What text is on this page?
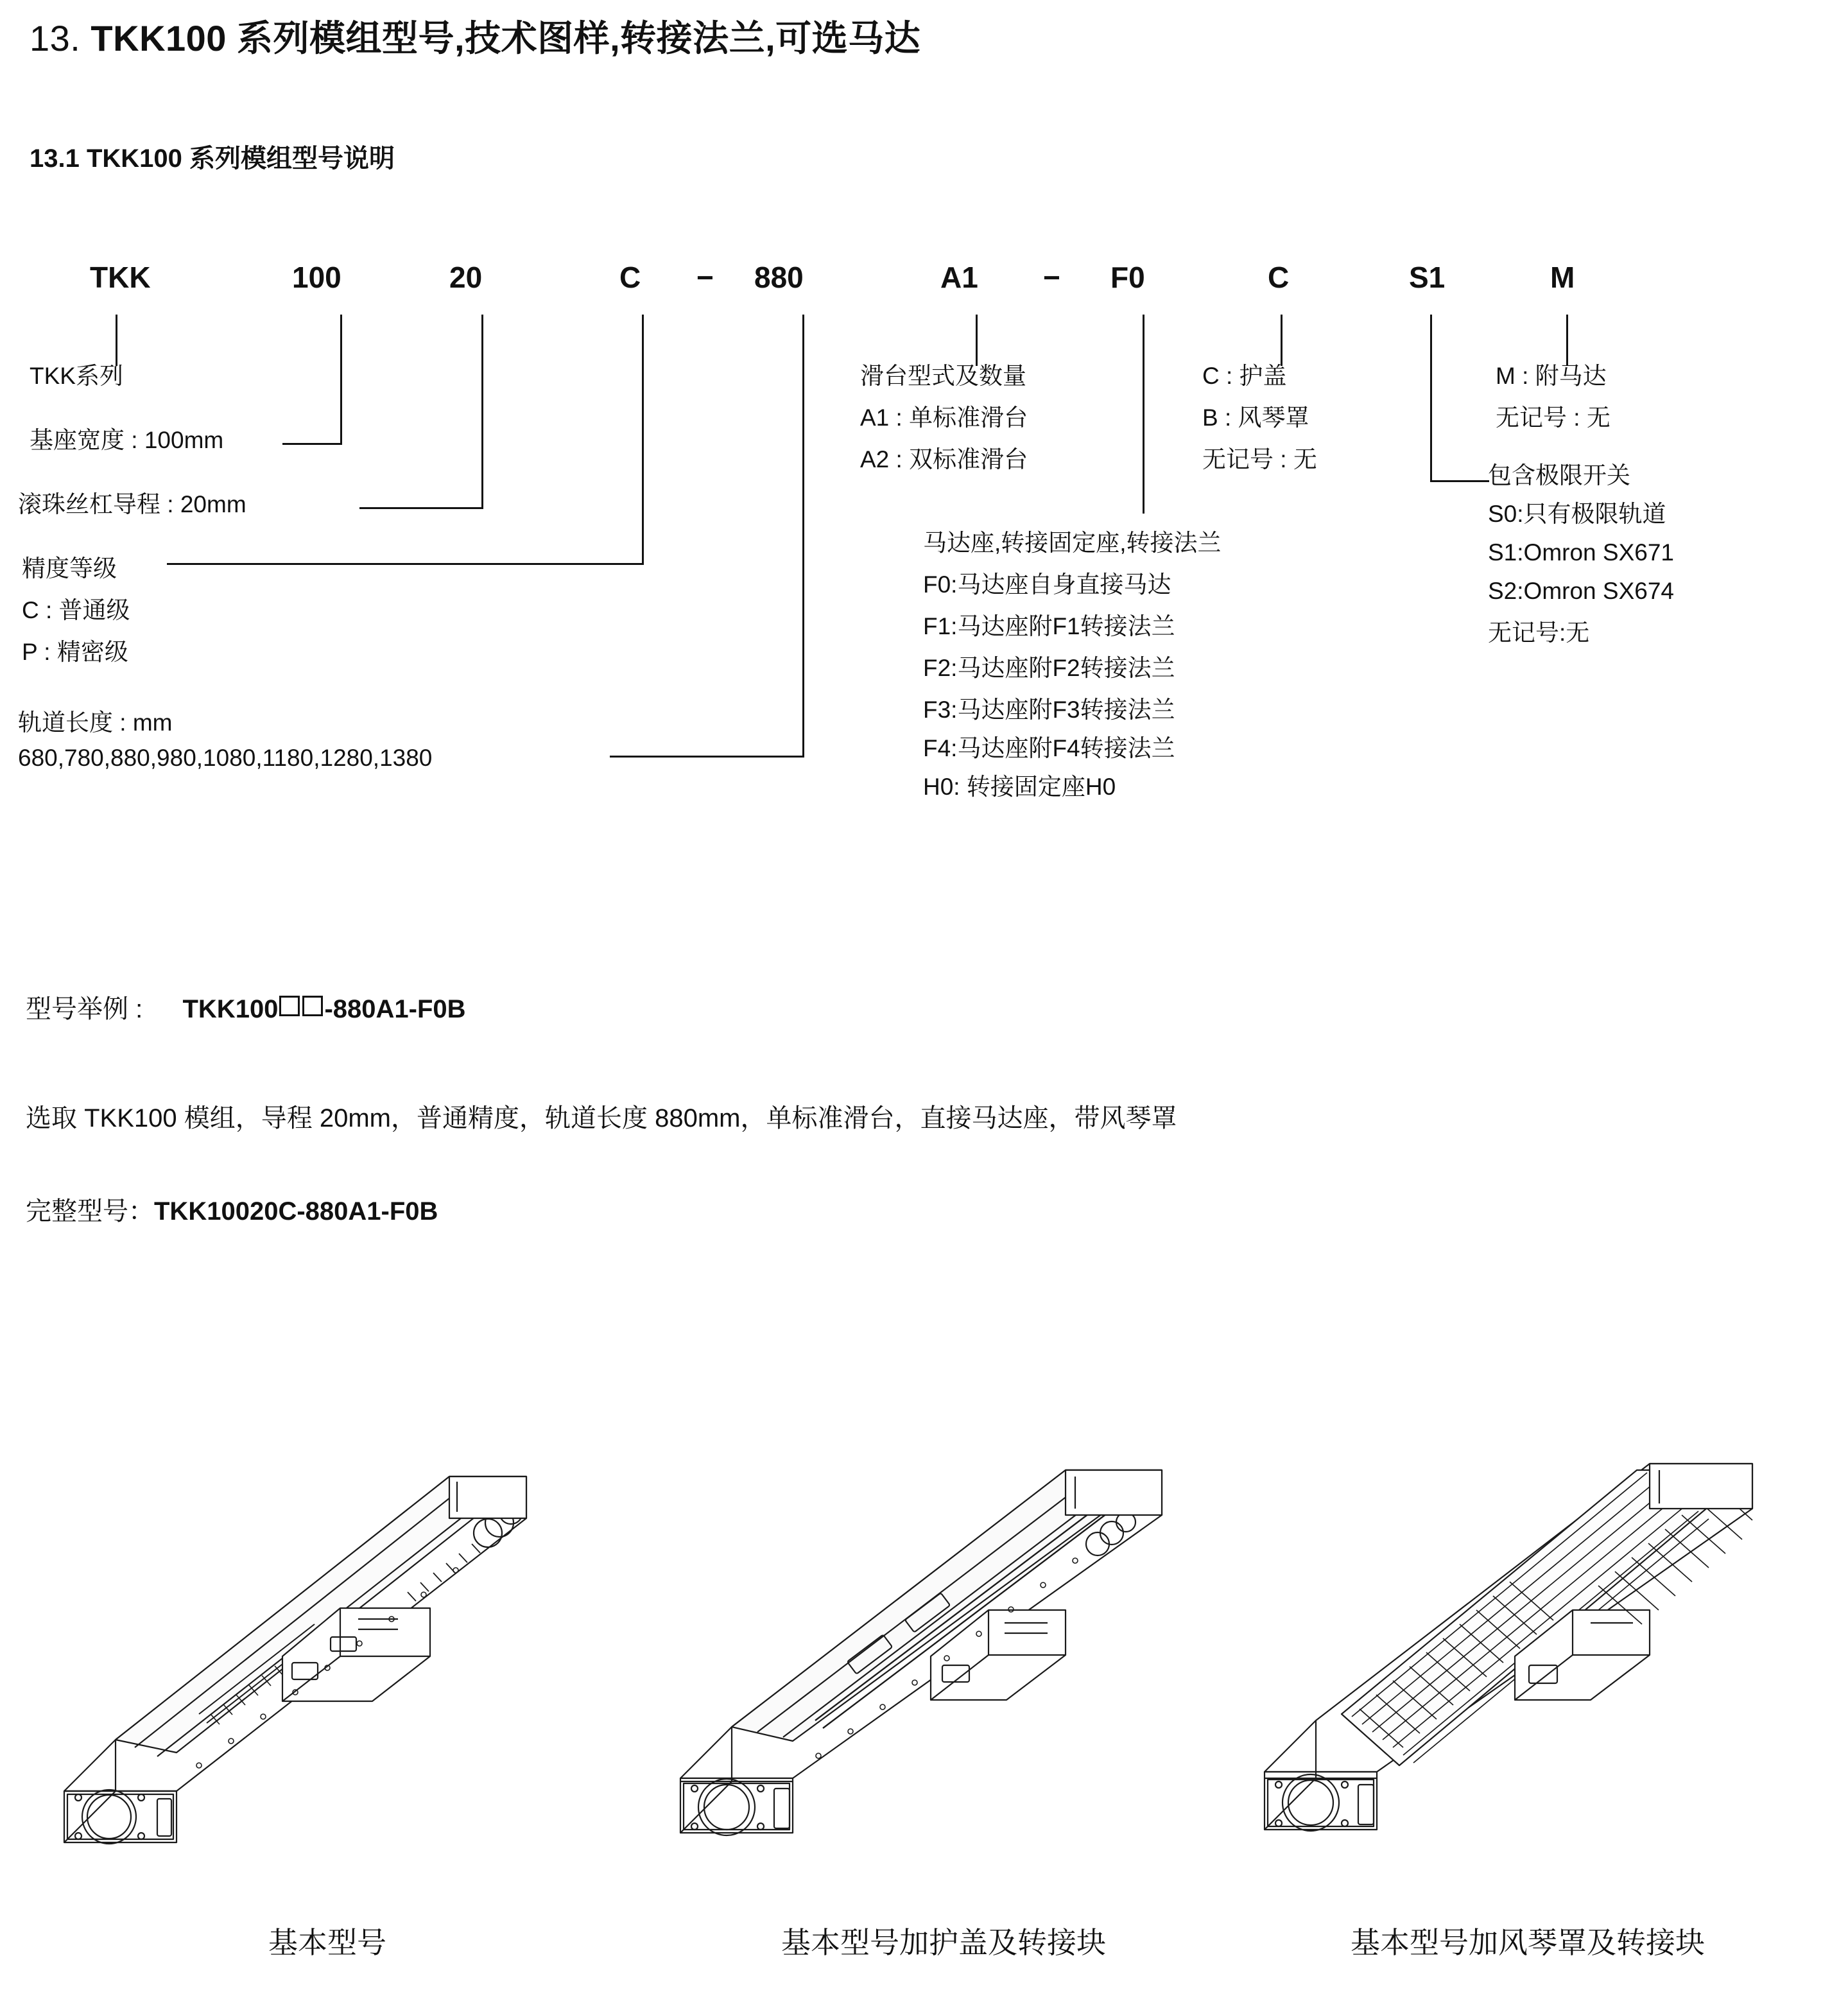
13. TKK100 系列模组型号,技术图样,转接法兰,可选马达
13.1 TKK100 系列模组型号说明
TKK	100	20	C − 880	A1 − F0	C	S1	M
TKK系列
基座宽度 : 100mm
滚珠丝杠导程 : 20mm
精度等级
C : 普通级
P : 精密级
轨道长度 : mm
680,780,880,980,1080,1180,1280,1380
滑台型式及数量
A1 : 单标准滑台
A2 : 双标准滑台
马达座,转接固定座,转接法兰
F0:马达座自身直接马达
F1:马达座附F1转接法兰
F2:马达座附F2转接法兰
F3:马达座附F3转接法兰
F4:马达座附F4转接法兰
H0: 转接固定座H0
C : 护盖
B : 风琴罩
无记号 : 无
包含极限开关
S0:只有极限轨道
S1:Omron SX671
S2:Omron SX674
无记号:无
M : 附马达
无记号 : 无
型号举例 : TKK100 -880A1-F0B
选取 TKK100 模组，导程 20mm，普通精度，轨道长度 880mm，单标准滑台，直接马达座，带风琴罩
完整型号：TKK10020C-880A1-F0B
基本型号	基本型号加护盖及转接块	基本型号加风琴罩及转接块
